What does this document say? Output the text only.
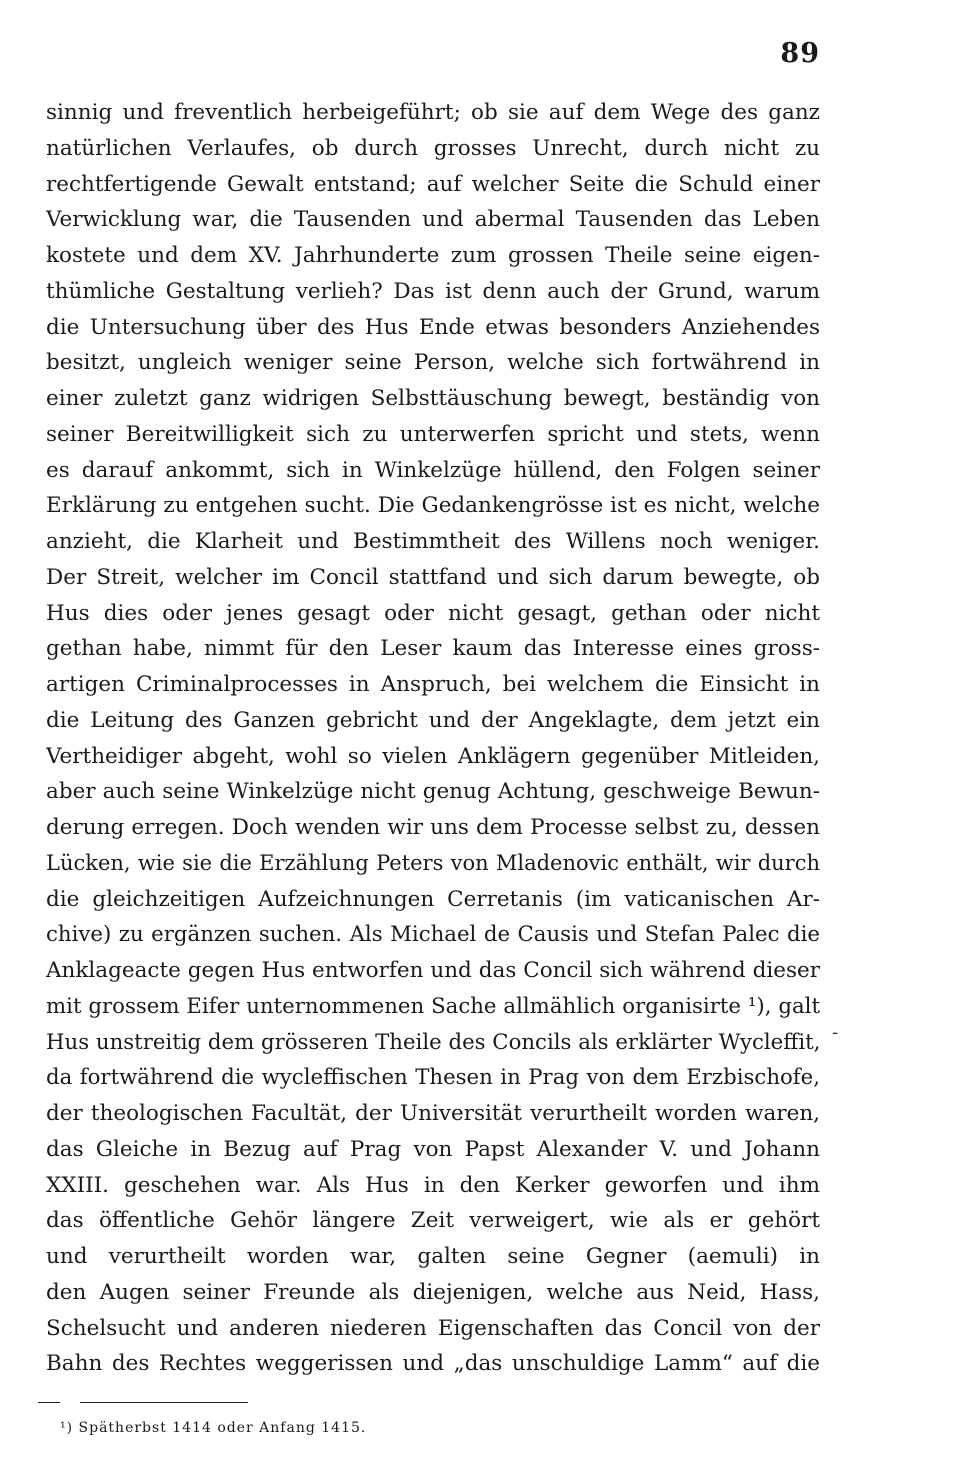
89
sinnig und freventlich herbeigeführt; ob sie auf dem Wege des ganz
natürlichen Verlaufes, ob durch grosses Unrecht, durch nicht zu
rechtfertigende Gewalt entstand; auf welcher Seite die Schuld einer
Verwicklung war, die Tausenden und abermal Tausenden das Leben
kostete und dem XV. Jahrhunderte zum grossen Theile seine eigen-
thümliche Gestaltung verlieh? Das ist denn auch der Grund, warum
die Untersuchung über des Hus Ende etwas besonders Anziehendes
besitzt, ungleich weniger seine Person, welche sich fortwährend in
einer zuletzt ganz widrigen Selbsttäuschung bewegt, beständig von
seiner Bereitwilligkeit sich zu unterwerfen spricht und stets, wenn
es darauf ankommt, sich in Winkelzüge hüllend, den Folgen seiner
Erklärung zu entgehen sucht. Die Gedankengrösse ist es nicht, welche
anzieht, die Klarheit und Bestimmtheit des Willens noch weniger.
Der Streit, welcher im Concil stattfand und sich darum bewegte, ob
Hus dies oder jenes gesagt oder nicht gesagt, gethan oder nicht
gethan habe, nimmt für den Leser kaum das Interesse eines gross-
artigen Criminalprocesses in Anspruch, bei welchem die Einsicht in
die Leitung des Ganzen gebricht und der Angeklagte, dem jetzt ein
Vertheidiger abgeht, wohl so vielen Anklägern gegenüber Mitleiden,
aber auch seine Winkelzüge nicht genug Achtung, geschweige Bewun-
derung erregen. Doch wenden wir uns dem Processe selbst zu, dessen
Lücken, wie sie die Erzählung Peters von Mladenovic enthält, wir durch
die gleichzeitigen Aufzeichnungen Cerretanis (im vaticanischen Ar-
chive) zu ergänzen suchen. Als Michael de Causis und Stefan Palec die
Anklageacte gegen Hus entworfen und das Concil sich während dieser
mit grossem Eifer unternommenen Sache allmählich organisirte ¹), galt
Hus unstreitig dem grösseren Theile des Concils als erklärter Wycleffit,
da fortwährend die wycleffischen Thesen in Prag von dem Erzbischofe,
der theologischen Facultät, der Universität verurtheilt worden waren,
das Gleiche in Bezug auf Prag von Papst Alexander V. und Johann
XXIII. geschehen war. Als Hus in den Kerker geworfen und ihm
das öffentliche Gehör längere Zeit verweigert, wie als er gehört
und verurtheilt worden war, galten seine Gegner (aemuli) in
den Augen seiner Freunde als diejenigen, welche aus Neid, Hass,
Schelsucht und anderen niederen Eigenschaften das Concil von der
Bahn des Rechtes weggerissen und „das unschuldige Lamm“ auf die
-
¹) Spätherbst 1414 oder Anfang 1415.
